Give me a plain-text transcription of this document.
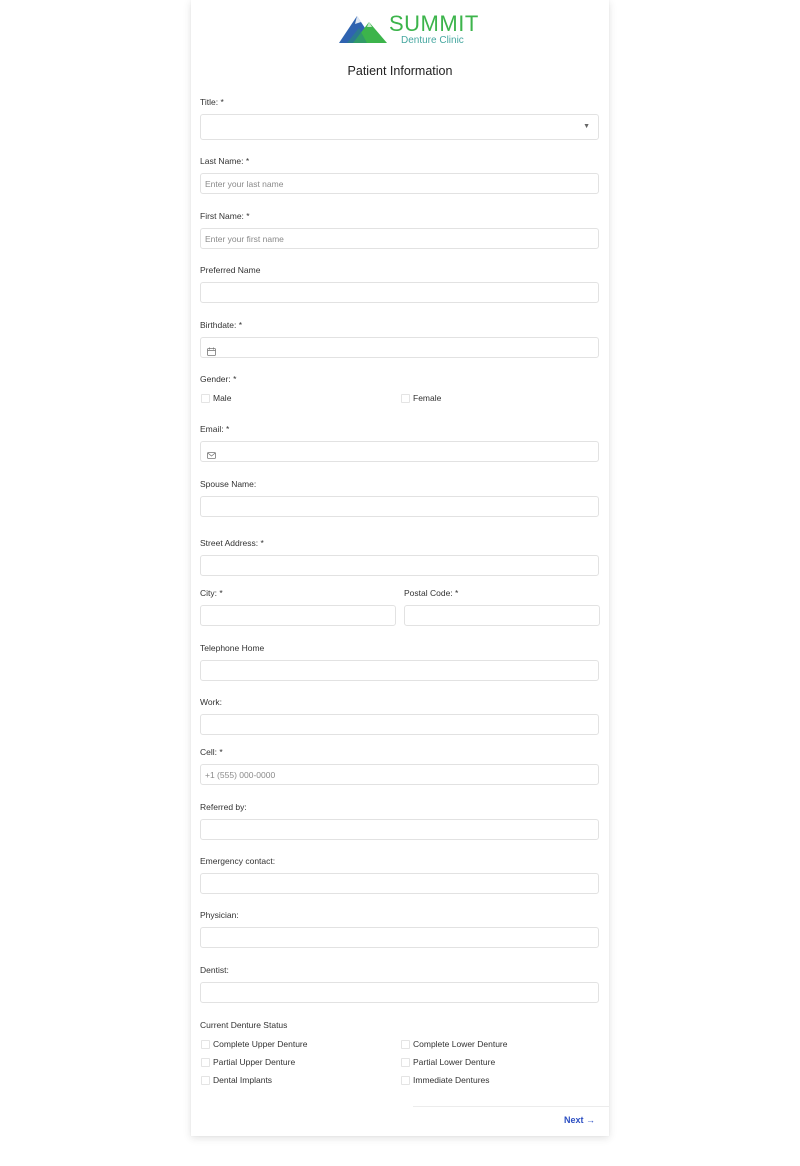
SUMMIT
Denture Clinic
Patient Information
Title: *
▼
Last Name: *
Enter your last name
First Name: *
Enter your first name
Preferred Name
Birthdate: *
Gender: *
Male	Female
Email: *
Spouse Name:
Street Address: *
City: *	Postal Code: *
Telephone Home
Work:
Cell: *
+1 (555) 000-0000
Referred by:
Emergency contact:
Physician:
Dentist:
Current Denture Status
Complete Upper Denture	Complete Lower Denture
Partial Upper Denture	Partial Lower Denture
Dental Implants	Immediate Dentures
Next →
